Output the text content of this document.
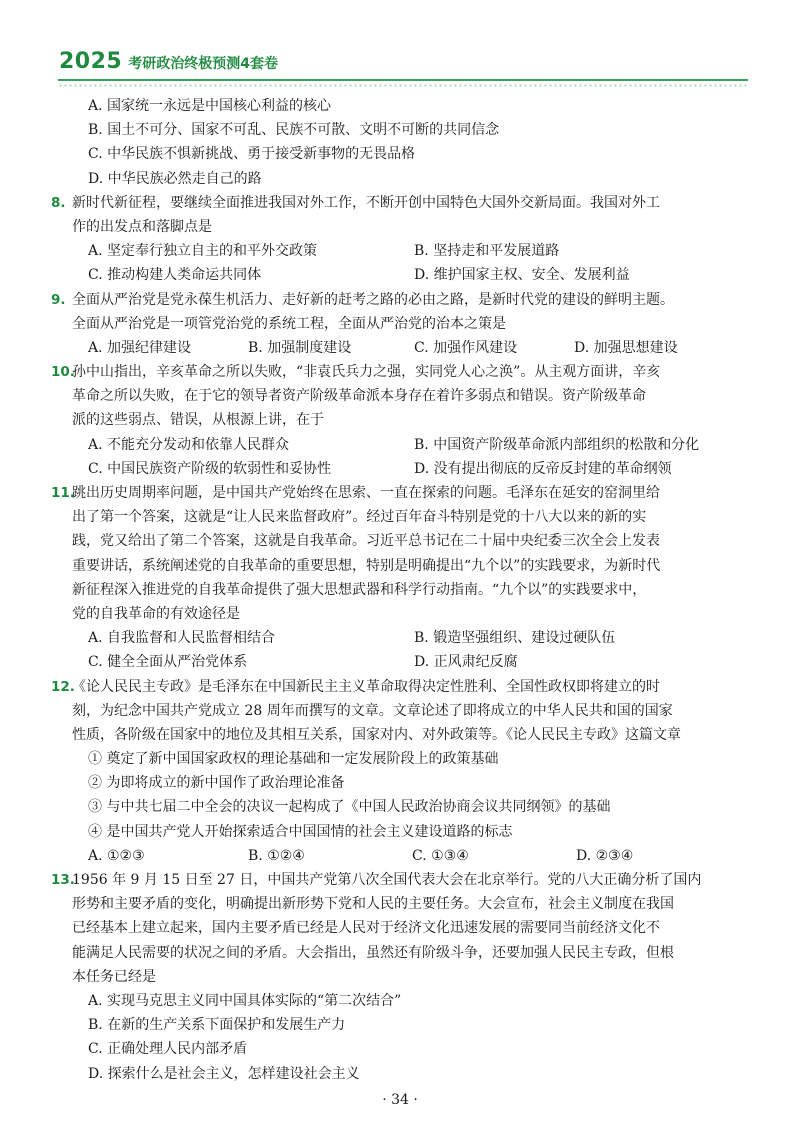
2025 考研政治终极预测4套卷
A. 国家统一永远是中国核心利益的核心
B. 国土不可分、国家不可乱、民族不可散、文明不可断的共同信念
C. 中华民族不惧新挑战、勇于接受新事物的无畏品格
D. 中华民族必然走自己的路
8. 新时代新征程，要继续全面推进我国对外工作，不断开创中国特色大国外交新局面。我国对外工
作的出发点和落脚点是
A. 坚定奉行独立自主的和平外交政策	B. 坚持走和平发展道路
C. 推动构建人类命运共同体	D. 维护国家主权、安全、发展利益
9. 全面从严治党是党永葆生机活力、走好新的赶考之路的必由之路，是新时代党的建设的鲜明主题。
全面从严治党是一项管党治党的系统工程，全面从严治党的治本之策是
A. 加强纪律建设	B. 加强制度建设	C. 加强作风建设	D. 加强思想建设
10.
孙中山指出，辛亥革命之所以失败，“非袁氏兵力之强，实同党人心之涣”。从主观方面讲，辛亥
革命之所以失败，在于它的领导者资产阶级革命派本身存在着许多弱点和错误。资产阶级革命
派的这些弱点、错误，从根源上讲，在于
A. 不能充分发动和依靠人民群众	B. 中国资产阶级革命派内部组织的松散和分化
C. 中国民族资产阶级的软弱性和妥协性	D. 没有提出彻底的反帝反封建的革命纲领
11.
跳出历史周期率问题，是中国共产党始终在思索、一直在探索的问题。毛泽东在延安的窑洞里给
出了第一个答案，这就是“让人民来监督政府”。经过百年奋斗特别是党的十八大以来的新的实
践，党又给出了第二个答案，这就是自我革命。习近平总书记在二十届中央纪委三次全会上发表
重要讲话，系统阐述党的自我革命的重要思想，特别是明确提出“九个以”的实践要求，为新时代
新征程深入推进党的自我革命提供了强大思想武器和科学行动指南。“九个以”的实践要求中，
党的自我革命的有效途径是
A. 自我监督和人民监督相结合	B. 锻造坚强组织、建设过硬队伍
C. 健全全面从严治党体系	D. 正风肃纪反腐
12.
《论人民民主专政》是毛泽东在中国新民主主义革命取得决定性胜利、全国性政权即将建立的时
刻，为纪念中国共产党成立 28 周年而撰写的文章。文章论述了即将成立的中华人民共和国的国家
性质，各阶级在国家中的地位及其相互关系，国家对内、对外政策等。《论人民民主专政》这篇文章
① 奠定了新中国国家政权的理论基础和一定发展阶段上的政策基础
② 为即将成立的新中国作了政治理论准备
③ 与中共七届二中全会的决议一起构成了《中国人民政治协商会议共同纲领》的基础
④ 是中国共产党人开始探索适合中国国情的社会主义建设道路的标志
A. ①②③	B. ①②④	C. ①③④	D. ②③④
13.
1956 年 9 月 15 日至 27 日，中国共产党第八次全国代表大会在北京举行。党的八大正确分析了国内
形势和主要矛盾的变化，明确提出新形势下党和人民的主要任务。大会宣布，社会主义制度在我国
已经基本上建立起来，国内主要矛盾已经是人民对于经济文化迅速发展的需要同当前经济文化不
能满足人民需要的状况之间的矛盾。大会指出，虽然还有阶级斗争，还要加强人民民主专政，但根
本任务已经是
A. 实现马克思主义同中国具体实际的“第二次结合”
B. 在新的生产关系下面保护和发展生产力
C. 正确处理人民内部矛盾
D. 探索什么是社会主义，怎样建设社会主义
· 34 ·
